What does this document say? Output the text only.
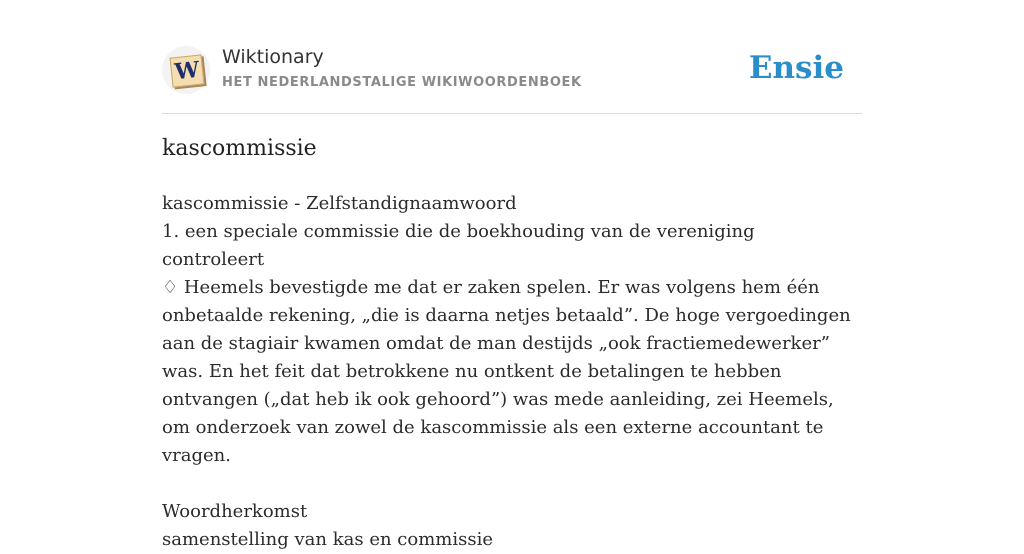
W Wiktionary
HET NEDERLANDSTALIGE WIKIWOORDENBOEK	Ensie
kascommissie

kascommissie - Zelfstandignaamwoord

1. een speciale commissie die de boekhouding van de vereniging controleert

♢ Heemels bevestigde me dat er zaken spelen. Er was volgens hem één onbetaalde rekening, „die is daarna netjes betaald”. De hoge vergoedingen aan de stagiair kwamen omdat de man destijds „ook fractiemedewerker” was. En het feit dat betrokkene nu ontkent de betalingen te hebben ontvangen („dat heb ik ook gehoord”) was mede aanleiding, zei Heemels, om onderzoek van zowel de kascommissie als een externe accountant te vragen.

Woordherkomst

samenstelling van kas en commissie
